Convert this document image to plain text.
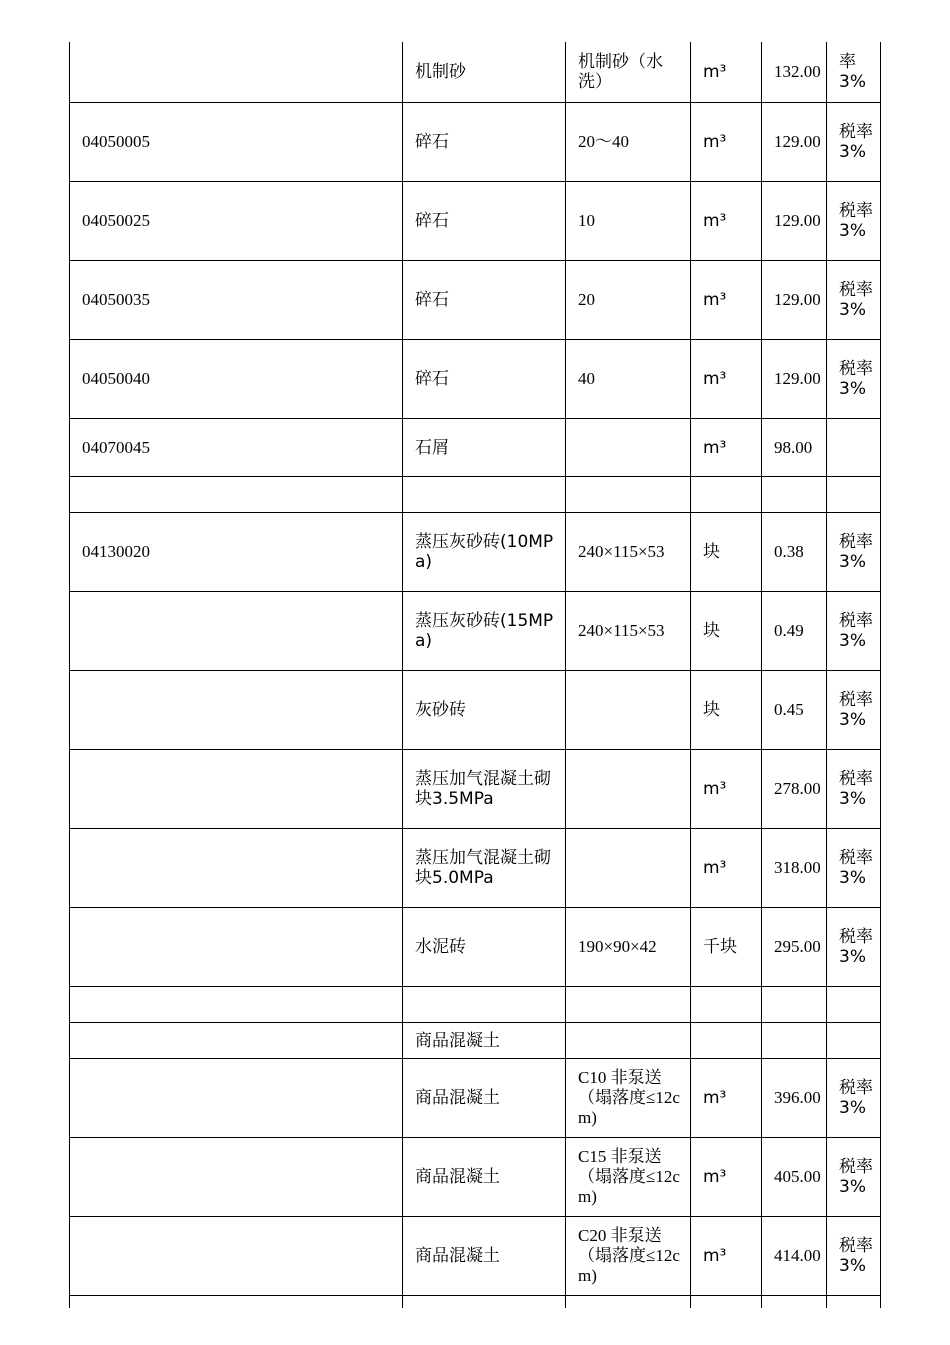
	机制砂	机制砂（水洗）	m³	132.00	率3%
04050005	碎石	20～40	m³	129.00	税率3%
04050025	碎石	10	m³	129.00	税率3%
04050035	碎石	20	m³	129.00	税率3%
04050040	碎石	40	m³	129.00	税率3%
04070045	石屑		m³	98.00	

04130020	蒸压灰砂砖(10MPa)	240×115×53	块	0.38	税率3%
	蒸压灰砂砖(15MPa)	240×115×53	块	0.49	税率3%
	灰砂砖		块	0.45	税率3%
	蒸压加气混凝土砌块3.5MPa		m³	278.00	税率3%
	蒸压加气混凝土砌块5.0MPa		m³	318.00	税率3%
	水泥砖	190×90×42	千块	295.00	税率3%

	商品混凝土				
	商品混凝土	C10 非泵送（塌落度≤12cm)	m³	396.00	税率3%
	商品混凝土	C15 非泵送（塌落度≤12cm)	m³	405.00	税率3%
	商品混凝土	C20 非泵送（塌落度≤12cm)	m³	414.00	税率3%
